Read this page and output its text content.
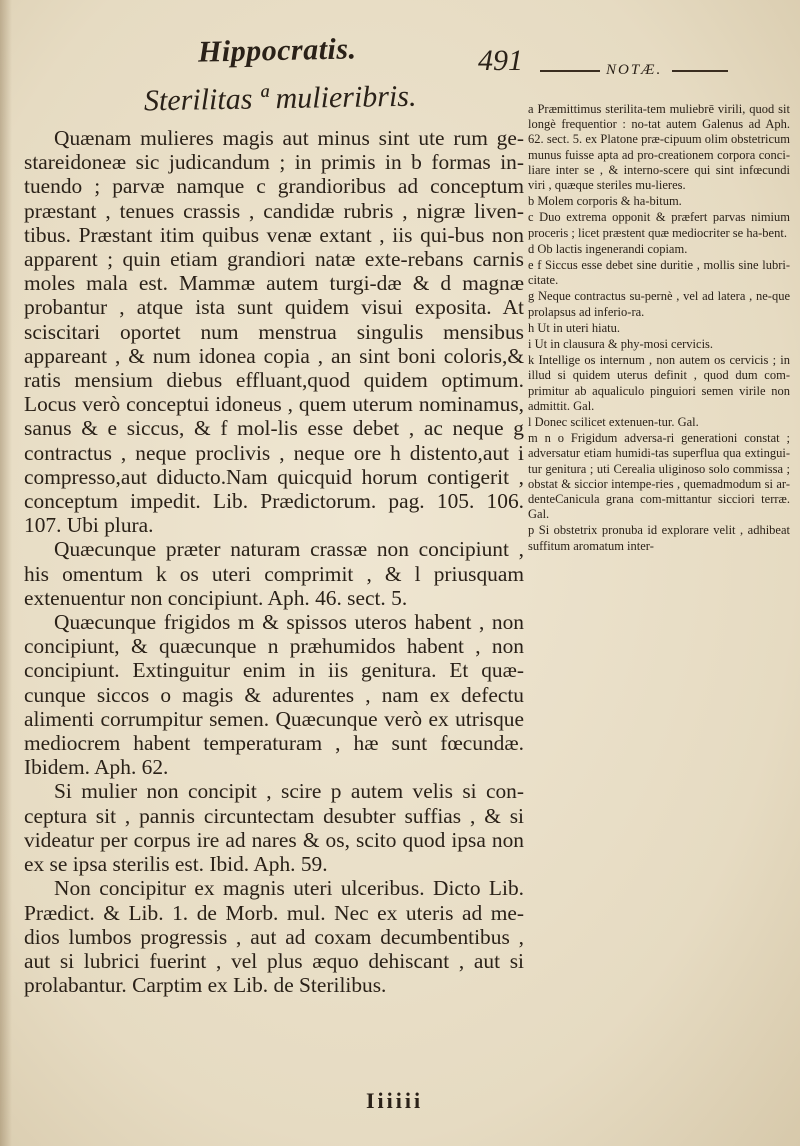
Hippocratis.	491	NOTÆ.
Sterilitas ª mulieribris.

Quænam mulieres magis aut minus sint ute rum ge-stareidoneæ sic judicandum ; in primis in b formas in-tuendo ; parvæ namque c grandioribus ad conceptum præstant , tenues crassis , candidæ rubris , nigræ liven-tibus. Præstant itim quibus venæ extant , iis qui-bus non apparent ; quin etiam grandiori natæ exte-rebans carnis moles mala est. Mammæ autem turgi-dæ & d magnæ probantur , atque ista sunt quidem visui exposita. At sciscitari oportet num menstrua singulis mensibus appareant , & num idonea copia , an sint boni coloris,& ratis mensium diebus effluant,quod quidem optimum. Locus verò conceptui idoneus , quem uterum nominamus, sanus & e siccus, & f mol-lis esse debet , ac neque g contractus , neque proclivis , neque ore h distento,aut i compresso,aut diducto.Nam quicquid horum contigerit , conceptum impedit. Lib. Prædictorum. pag. 105. 106. 107. Ubi plura.

Quæcunque præter naturam crassæ non concipiunt , his omentum k os uteri comprimit , & l priusquam extenuentur non concipiunt. Aph. 46. sect. 5.

Quæcunque frigidos m & spissos uteros habent , non concipiunt, & quæcunque n præhumidos habent , non concipiunt. Extinguitur enim in iis genitura. Et quæ-cunque siccos o magis & adurentes , nam ex defectu alimenti corrumpitur semen. Quæcunque verò ex utrisque mediocrem habent temperaturam , hæ sunt fœcundæ. Ibidem. Aph. 62.

Si mulier non concipit , scire p autem velis si con-ceptura sit , pannis circuntectam desubter suffias , & si videatur per corpus ire ad nares & os, scito quod ipsa non ex se ipsa sterilis est. Ibid. Aph. 59.

Non concipitur ex magnis uteri ulceribus. Dicto Lib. Prædict. & Lib. 1. de Morb. mul. Nec ex uteris ad me-dios lumbos progressis , aut ad coxam decumbentibus , aut si lubrici fuerint , vel plus æquo dehiscant , aut si prolabantur. Carptim ex Lib. de Sterilibus.

a Præmittimus sterilita-tem muliebrē virili, quod sit longè frequentior : no-tat autem Galenus ad Aph. 62. sect. 5. ex Platone præ-cipuum olim obstetricum munus fuisse apta ad pro-creationem corpora conci-liare inter se , & interno-scere qui sint infœcundi viri , quæque steriles mu-lieres.

b Molem corporis & ha-bitum.

c Duo extrema opponit & præfert parvas nimium proceris ; licet præstent quæ mediocriter se ha-bent.

d Ob lactis ingenerandi copiam.

e f Siccus esse debet sine duritie , mollis sine lubri-citate.

g Neque contractus su-pernè , vel ad latera , ne-que prolapsus ad inferio-ra.

h Ut in uteri hiatu.

i Ut in clausura & phy-mosi cervicis.

k Intellige os internum , non autem os cervicis ; in illud si quidem uterus definit , quod dum com-primitur ab aqualiculo pinguiori semen virile non admittit. Gal.

l Donec scilicet extenuen-tur. Gal.

m n o Frigidum adversa-ri generationi constat ; adversatur etiam humidi-tas superflua qua extingui-tur genitura ; uti Cerealia uliginoso solo commissa ; obstat & siccior intempe-ries , quemadmodum si ar-denteCanicula grana com-mittantur sicciori terræ. Gal.

p Si obstetrix pronuba id explorare velit , adhibeat suffitum aromatum inter-

Iiiiii
